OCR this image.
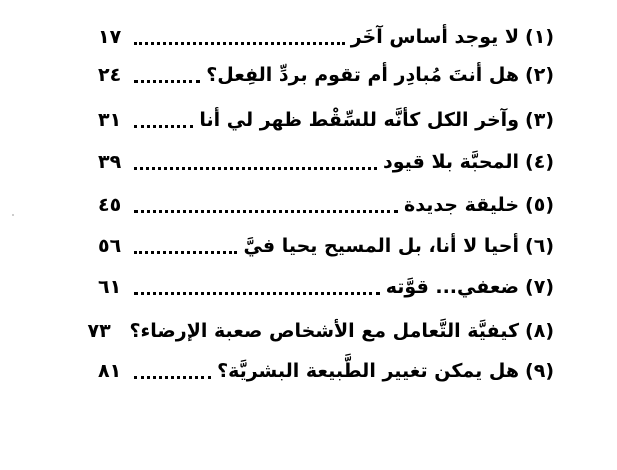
(١)
لا يوجد أساس آخَر
١٧
(٢)
هل أنتَ مُبادِر أم تقوم بردِّ الفِعل؟
٢٤
(٣)
وآخر الكل كأنَّه للسِّقْط ظهر لي أنا
٣١
(٤)
المحبَّة بلا قيود
٣٩
(٥)
خليقة جديدة
٤٥
(٦)
أحيا لا أنا، بل المسيح يحيا فيَّ
٥٦
(٧)
ضعفي... قوَّته
٦١
(٨)
كيفيَّة التَّعامل مع الأشخاص صعبة الإرضاء؟
٧٣
(٩)
هل يمكن تغيير الطَّبيعة البشريَّة؟
٨١
